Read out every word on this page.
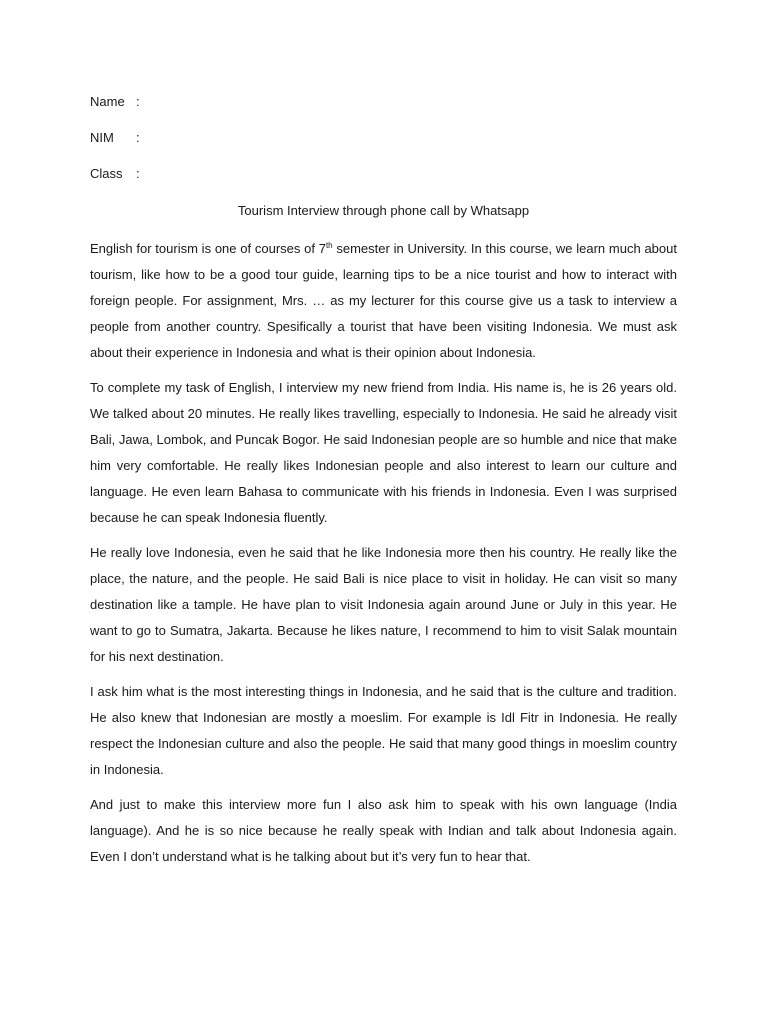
Name :
NIM :
Class :
Tourism Interview through phone call by Whatsapp

English for tourism is one of courses of 7th semester in University. In this course, we learn much about tourism, like how to be a good tour guide, learning tips to be a nice tourist and how to interact with foreign people. For assignment, Mrs. … as my lecturer for this course give us a task to interview a people from another country. Spesifically a tourist that have been visiting Indonesia. We must ask about their experience in Indonesia and what is their opinion about Indonesia.

To complete my task of English, I interview my new friend from India. His name is, he is 26 years old. We talked about 20 minutes. He really likes travelling, especially to Indonesia. He said he already visit Bali, Jawa, Lombok, and Puncak Bogor. He said Indonesian people are so humble and nice that make him very comfortable. He really likes Indonesian people and also interest to learn our culture and language. He even learn Bahasa to communicate with his friends in Indonesia. Even I was surprised because he can speak Indonesia fluently.

He really love Indonesia, even he said that he like Indonesia more then his country. He really like the place, the nature, and the people. He said Bali is nice place to visit in holiday. He can visit so many destination like a tample. He have plan to visit Indonesia again around June or July in this year. He want to go to Sumatra, Jakarta. Because he likes nature, I recommend to him to visit Salak mountain for his next destination.

I ask him what is the most interesting things in Indonesia, and he said that is the culture and tradition. He also knew that Indonesian are mostly a moeslim. For example is Idl Fitr in Indonesia. He really respect the Indonesian culture and also the people. He said that many good things in moeslim country in Indonesia.

And just to make this interview more fun I also ask him to speak with his own language (India language). And he is so nice because he really speak with Indian and talk about Indonesia again. Even I don’t understand what is he talking about but it’s very fun to hear that.
